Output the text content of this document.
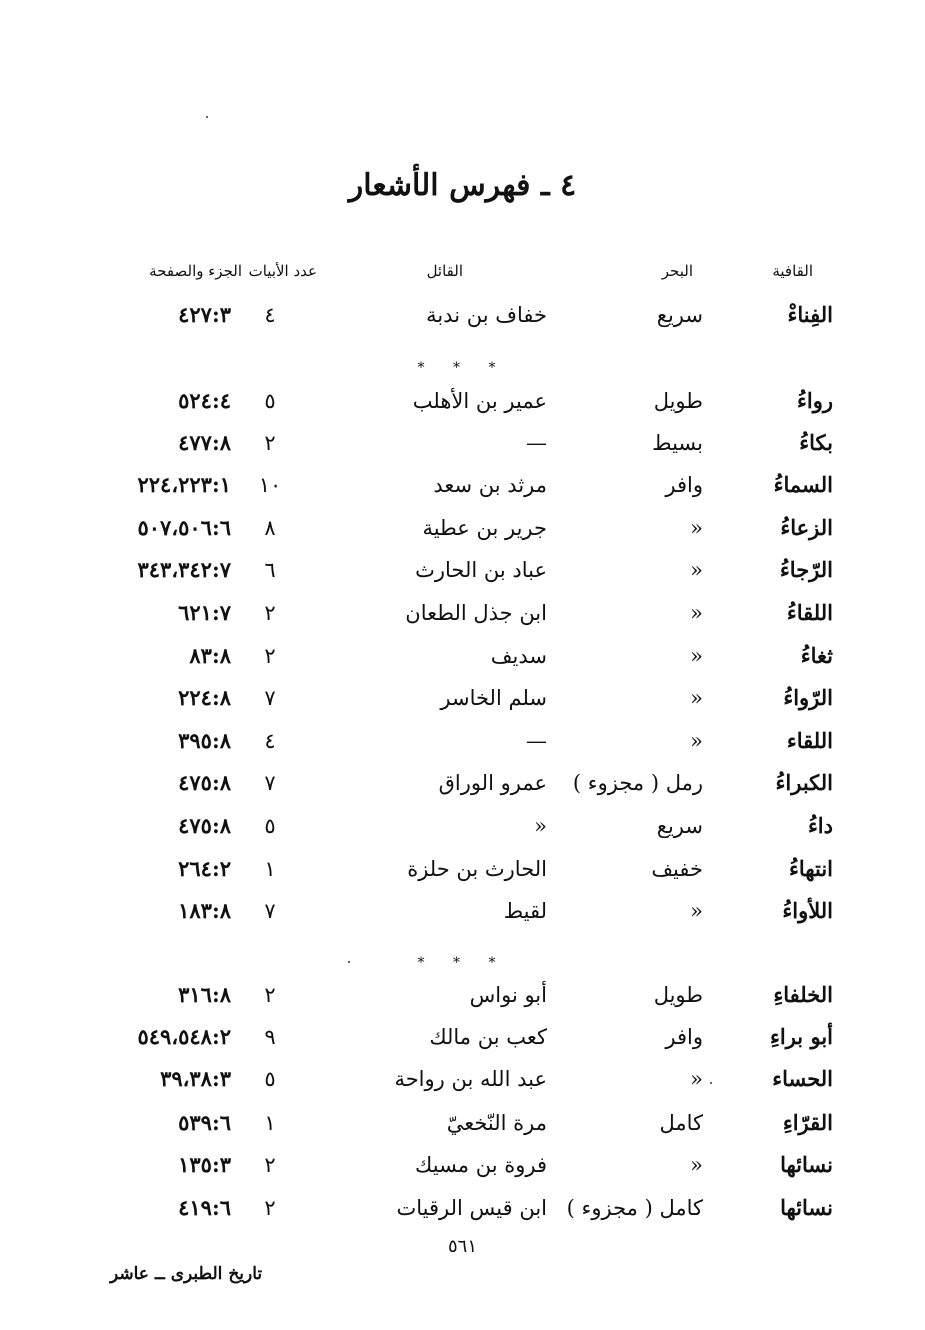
٤ ـ فهرس الأشعار
القافية
البحر
القائل
عدد الأبيات
الجزء والصفحة
الفِناءْ
سريع
خفاف بن ندبة
٤
٤٢٧:٣
* * *
رواءُ
طويل
عمير بن الأهلب
٥
٥٢٤:٤
بكاءُ
بسيط
—
٢
٤٧٧:٨
السماءُ
وافر
مرثد بن سعد
١٠
٢٢٤،٢٢٣:١
الزعاءُ
«
جرير بن عطية
٨
٥٠٧،٥٠٦:٦
الرّجاءُ
«
عباد بن الحارث
٦
٣٤٣،٣٤٢:٧
اللقاءُ
«
ابن جذل الطعان
٢
٦٢١:٧
ثغاءُ
«
سديف
٢
٨٣:٨
الرّواءُ
«
سلم الخاسر
٧
٢٢٤:٨
اللقاء
«
—
٤
٣٩٥:٨
الكبراءُ
رمل ( مجزوء )
عمرو الوراق
٧
٤٧٥:٨
داءُ
سريع
«
٥
٤٧٥:٨
انتهاءُ
خفيف
الحارث بن حلزة
١
٢٦٤:٢
اللأواءُ
«
لقيط
٧
١٨٣:٨
* * *
الخلفاءِ
طويل
أبو نواس
٢
٣١٦:٨
أبو براءِ
وافر
كعب بن مالك
٩
٥٤٩،٥٤٨:٢
الحساء
«
عبد الله بن رواحة
٥
٣٩،٣٨:٣
القرّاءِ
كامل
مرة النّخعيّ
١
٥٣٩:٦
نسائها
«
فروة بن مسيك
٢
١٣٥:٣
نسائها
كامل ( مجزوء )
ابن قيس الرقيات
٢
٤١٩:٦
٥٦١
تاريخ الطبرى ــ عاشر
